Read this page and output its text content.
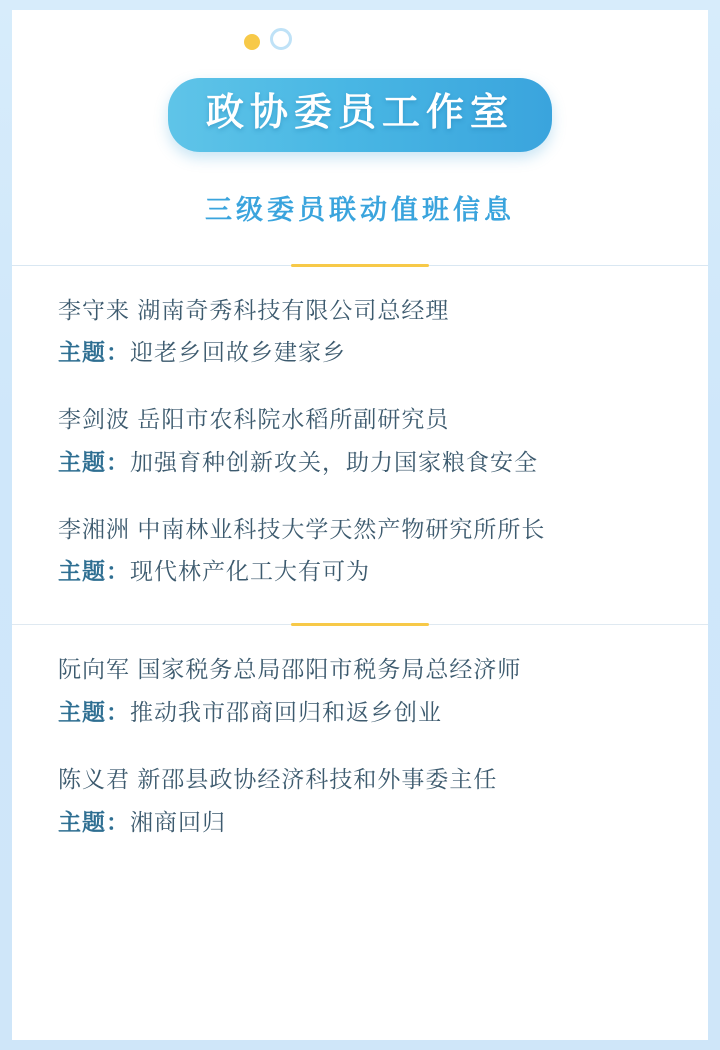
政协委员工作室
三级委员联动值班信息
李守来 湖南奇秀科技有限公司总经理
主题：迎老乡回故乡建家乡
李剑波 岳阳市农科院水稻所副研究员
主题：加强育种创新攻关，助力国家粮食安全
李湘洲 中南林业科技大学天然产物研究所所长
主题：现代林产化工大有可为
阮向军 国家税务总局邵阳市税务局总经济师
主题：推动我市邵商回归和返乡创业
陈义君 新邵县政协经济科技和外事委主任
主题：湘商回归
